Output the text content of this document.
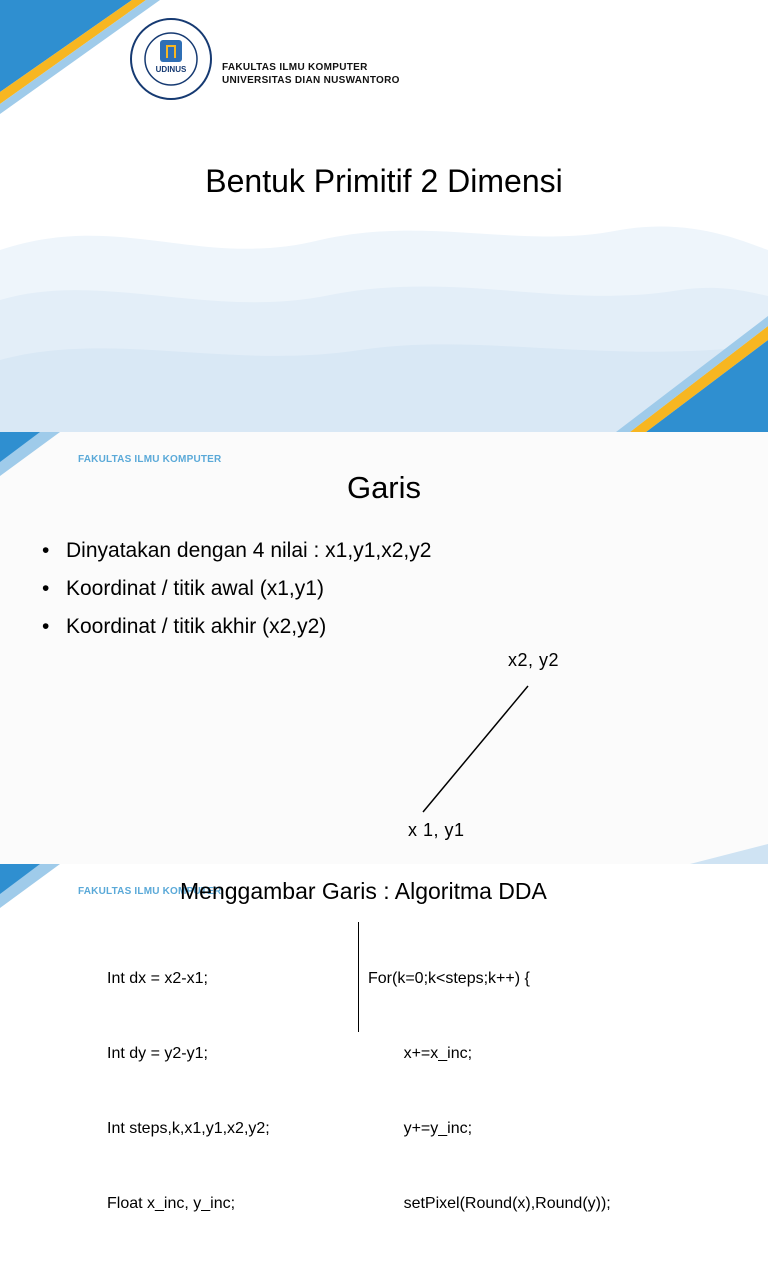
UDINUS	FAKULTAS ILMU KOMPUTER
UNIVERSITAS DIAN NUSWANTORO
Bentuk Primitif 2 Dimensi
FAKULTAS ILMU KOMPUTER
Garis
• Dinyatakan dengan 4 nilai : x1,y1,x2,y2
• Koordinat / titik awal (x1,y1)
• Koordinat / titik akhir (x2,y2)
x2, y2
x 1, y1
FAKULTAS ILMU KOMPUTER
Menggambar Garis : Algoritma DDA

Int dx = x2-x1;

Int dy = y2-y1;

Int steps,k,x1,y1,x2,y2;

Float x_inc, y_inc;

For(k=0;k<steps;k++) {

x+=x_inc;

y+=y_inc;

setPixel(Round(x),Round(y));
